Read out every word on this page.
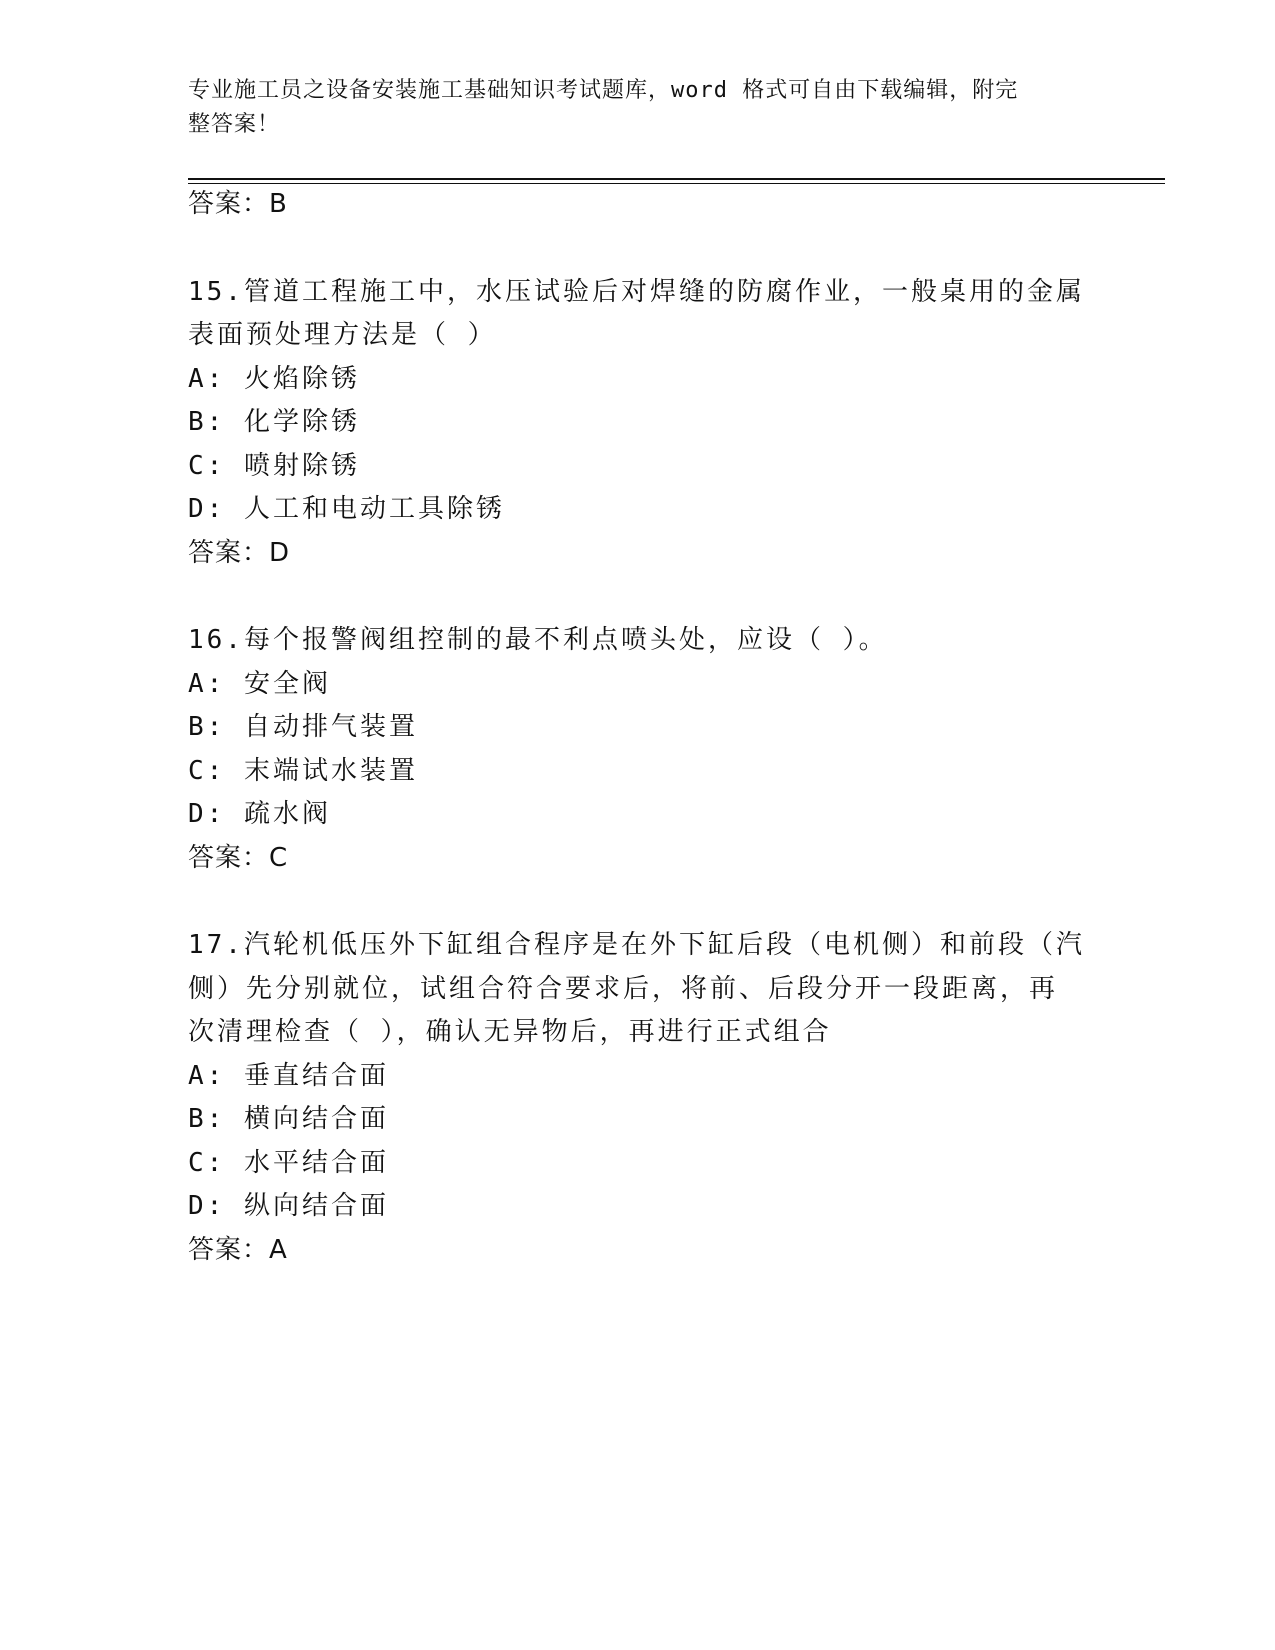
专业施工员之设备安装施工基础知识考试题库，word 格式可自由下载编辑，附完
整答案！
答案：B
15.管道工程施工中，水压试验后对焊缝的防腐作业，一般桌用的金属
表面预处理方法是（ ）
A: 火焰除锈
B: 化学除锈
C: 喷射除锈
D: 人工和电动工具除锈
答案：D
16.每个报警阀组控制的最不利点喷头处，应设（ ）。
A: 安全阀
B: 自动排气装置
C: 末端试水装置
D: 疏水阀
答案：C
17.汽轮机低压外下缸组合程序是在外下缸后段（电机侧）和前段（汽
侧）先分别就位，试组合符合要求后，将前、后段分开一段距离，再
次清理检查（ ），确认无异物后，再进行正式组合
A: 垂直结合面
B: 横向结合面
C: 水平结合面
D: 纵向结合面
答案：A
